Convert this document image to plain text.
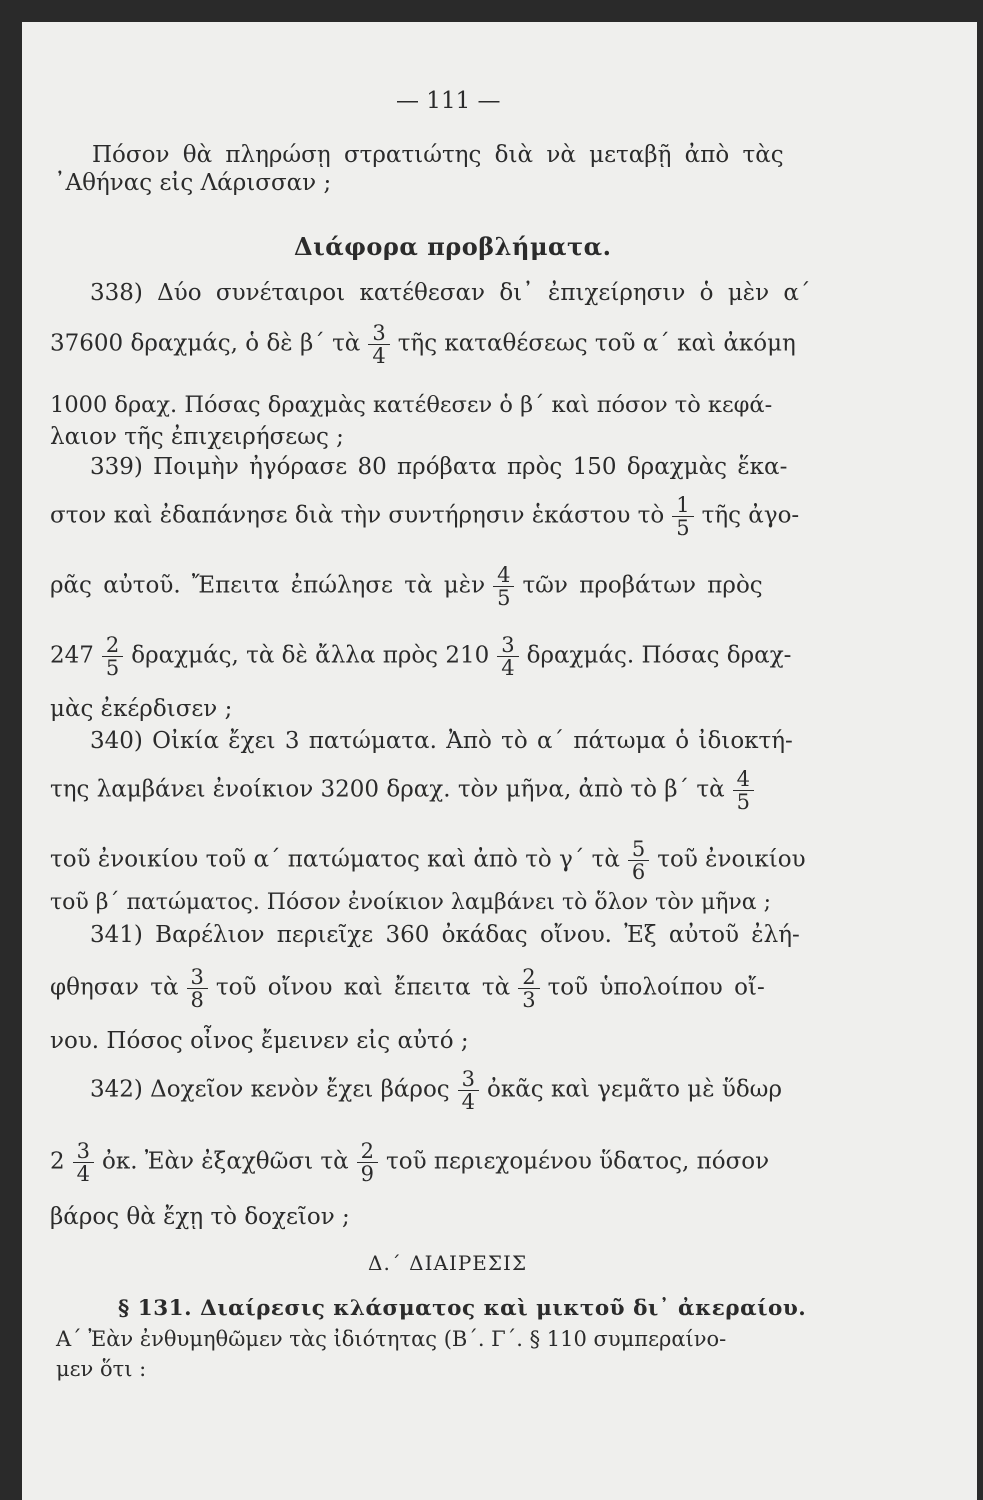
— 111 —
Πόσον θὰ πληρώσῃ στρατιώτης διὰ νὰ μεταβῇ ἀπὸ τὰς
᾽Αθήνας εἰς Λάρισσαν ;
Διάφορα προβλήματα.
338) Δύο συνέταιροι κατέθεσαν δι᾽ ἐπιχείρησιν ὁ μὲν α΄
37600 δραχμάς, ὁ δὲ β΄ τὰ $\frac{3}{4}$ τῆς καταθέσεως τοῦ α΄ καὶ ἀκόμη
1000 δραχ. Πόσας δραχμὰς κατέθεσεν ὁ β΄ καὶ πόσον τὸ κεφά-
λαιον τῆς ἐπιχειρήσεως ;
339) Ποιμὴν ἠγόρασε 80 πρόβατα πρὸς 150 δραχμὰς ἕκα-
στον καὶ ἐδαπάνησε διὰ τὴν συντήρησιν ἑκάστου τὸ $\frac{1}{5}$ τῆς ἀγο-
ρᾶς αὐτοῦ. Ἔπειτα ἐπώλησε τὰ μὲν $\frac{4}{5}$ τῶν προβάτων πρὸς
$247 \frac{2}{5} \delta\rho\alpha\chi\mu ά\varsigma$, τὰ δὲ ἄλλα πρὸς $210 \frac{3}{4} \delta\rho\alpha\chi\mu ά\varsigma$. Πόσας δραχ-
μὰς ἐκέρδισεν ;
340) Οἰκία ἔχει 3 πατώματα. Ἀπὸ τὸ α΄ πάτωμα ὁ ἰδιοκτή-
της λαμβάνει ἐνοίκιον 3200 δραχ. τὸν μῆνα, ἀπὸ τὸ β΄ τὰ $\frac{4}{5}$
τοῦ ἐνοικίου τοῦ α΄ πατώματος καὶ ἀπὸ τὸ γ΄ τὰ $\frac{5}{6}$ τοῦ ἐνοικίου
τοῦ β΄ πατώματος. Πόσον ἐνοίκιον λαμβάνει τὸ ὅλον τὸν μῆνα ;
341) Βαρέλιον περιεῖχε 360 ὀκάδας οἴνου. Ἐξ αὐτοῦ ἐλή-
φθησαν τὰ $\frac{3}{8}$ τοῦ οἴνου καὶ ἔπειτα τὰ $\frac{2}{3}$ τοῦ ὑπολοίπου οἴ-
νου. Πόσος οἶνος ἔμεινεν εἰς αὐτό ;
342) Δοχεῖον κενὸν ἔχει βάρος $\frac{3}{4}$ ὀκᾶς καὶ γεμᾶτο μὲ ὕδωρ
$2 \frac{3}{4}$ ὀκ. Ἐὰν ἐξαχθῶσι τὰ $\frac{2}{9}$ τοῦ περιεχομένου ὕδατος, πόσον
βάρος θὰ ἔχῃ τὸ δοχεῖον ;
Δ.΄ ΔΙΑΙΡΕΣΙΣ
§ 131. Διαίρεσις κλάσματος καὶ μικτοῦ δι᾽ ἀκεραίου.
Α΄ Ἐὰν ἐνθυμηθῶμεν τὰς ἰδιότητας (Β΄. Γ΄. § 110 συμπεραίνο-
μεν ὅτι :
